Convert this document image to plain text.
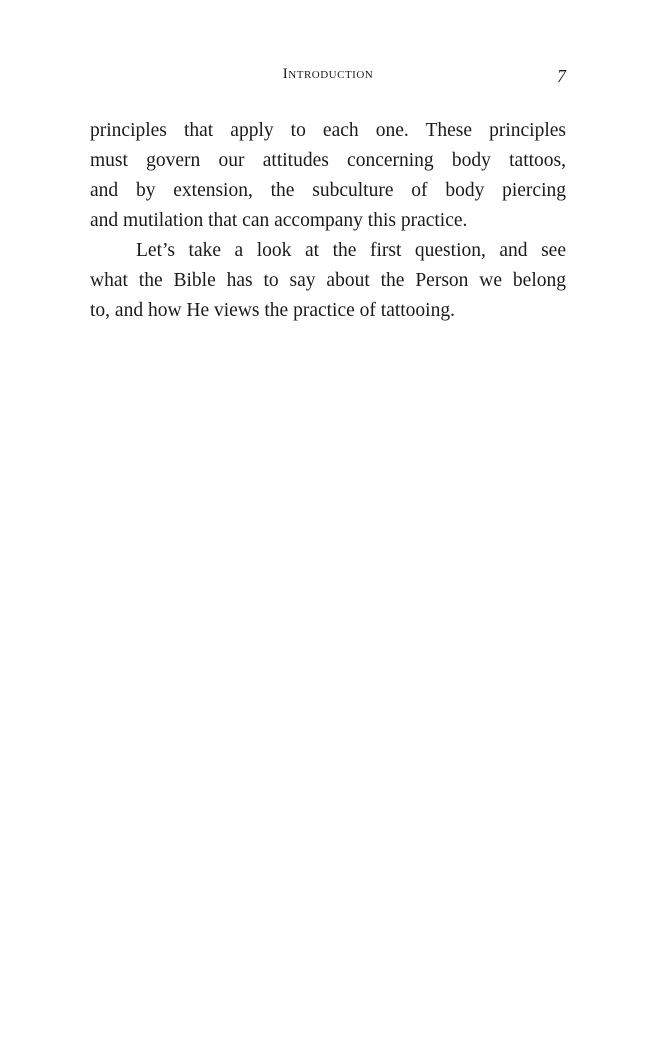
Introduction	7
principles that apply to each one. These principles
must govern our attitudes concerning body tattoos,
and by extension, the subculture of body piercing
and mutilation that can accompany this practice.
Let’s take a look at the first question, and see
what the Bible has to say about the Person we belong
to, and how He views the practice of tattooing.
